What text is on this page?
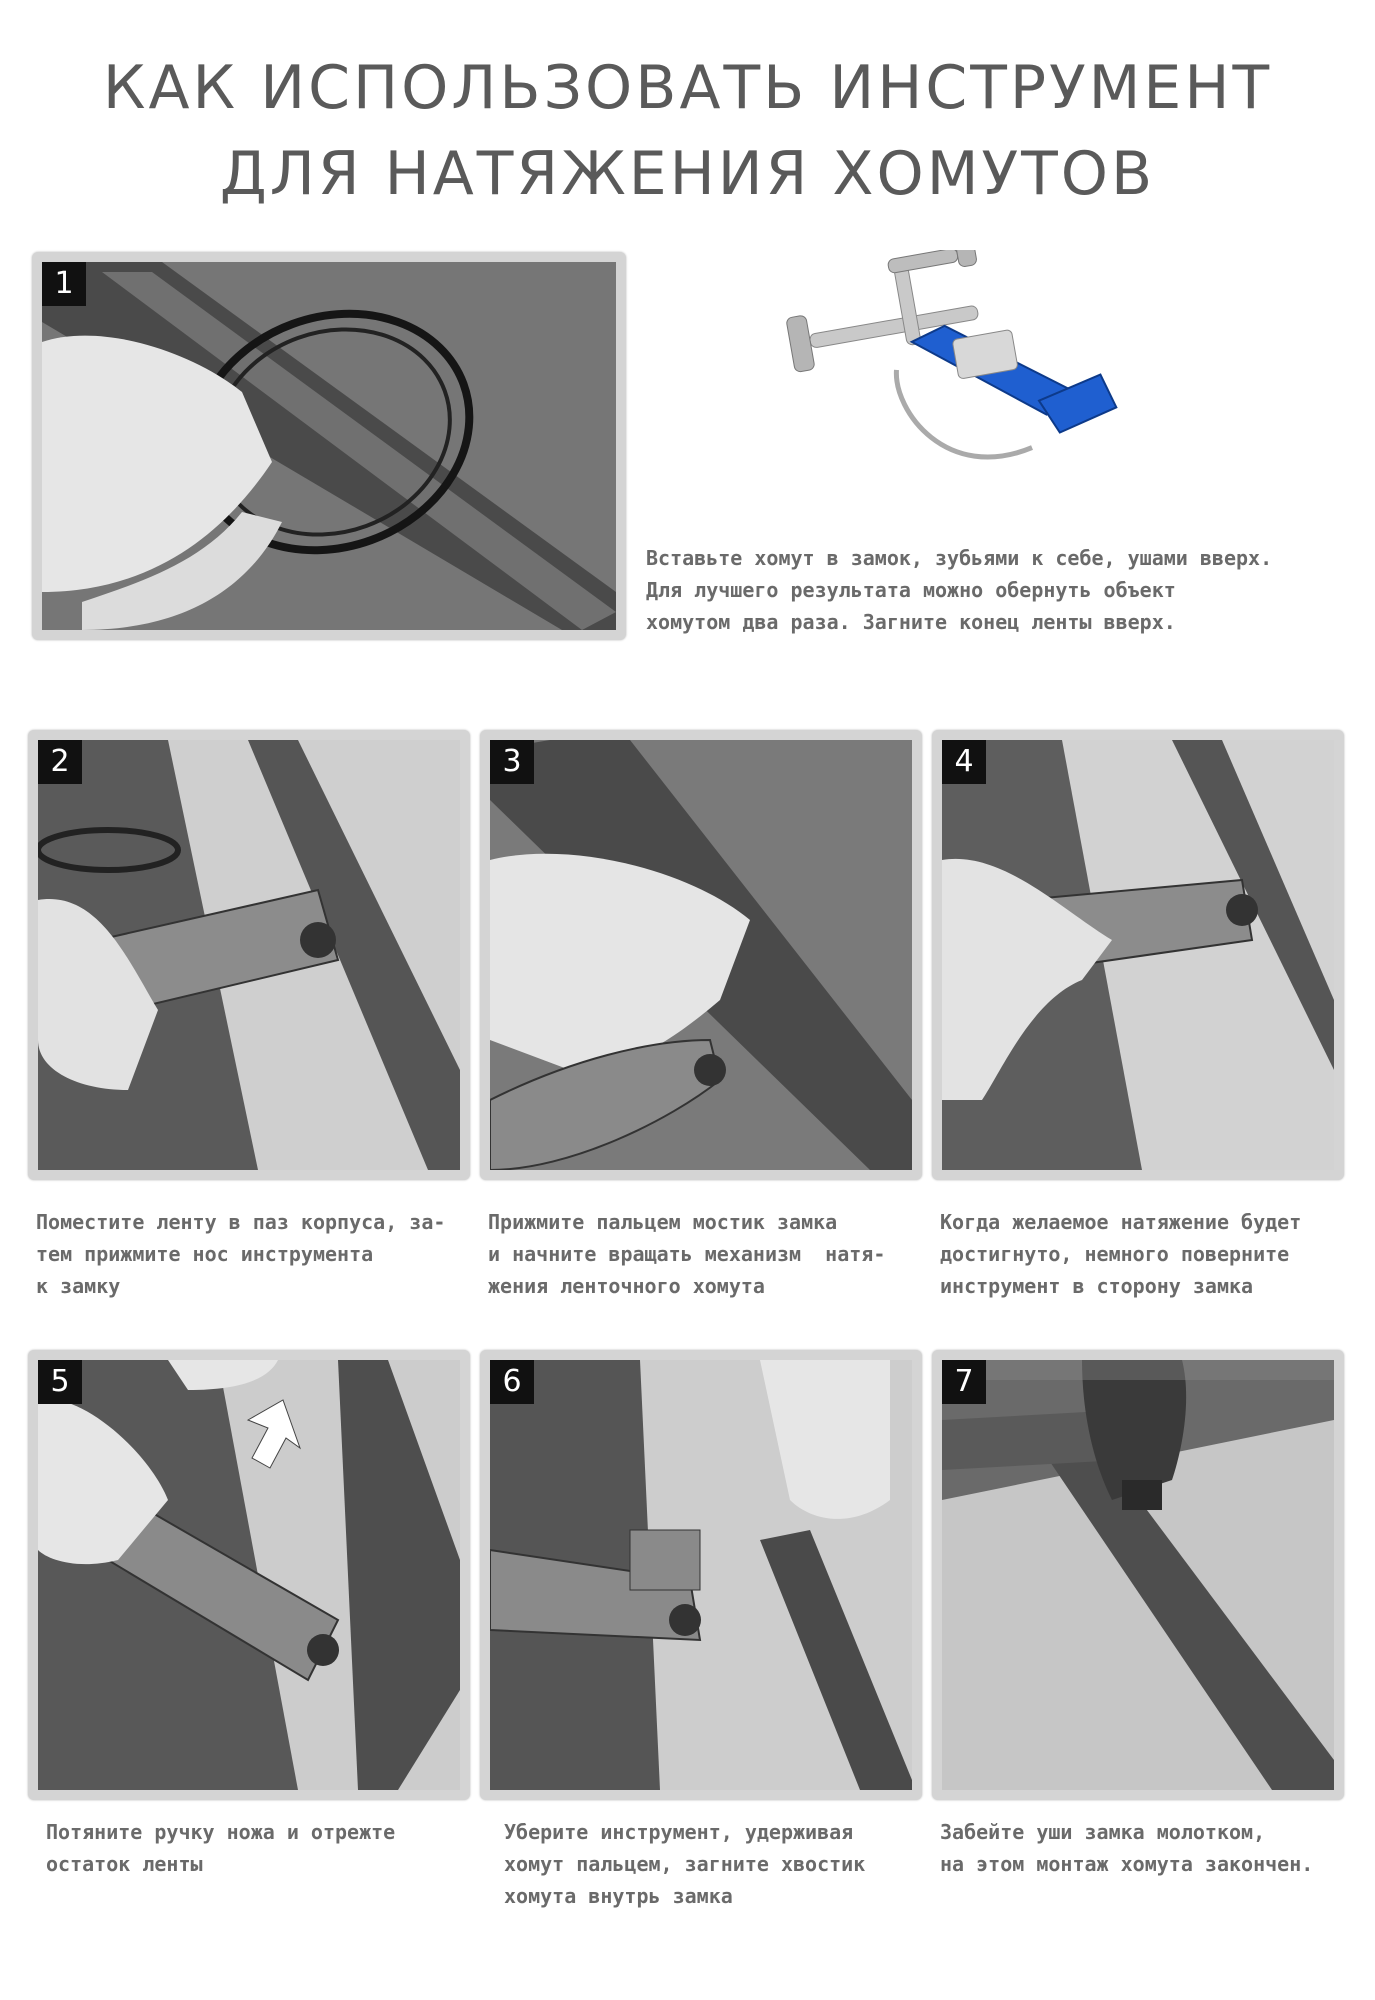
КАК ИСПОЛЬЗОВАТЬ ИНСТРУМЕНТ
ДЛЯ НАТЯЖЕНИЯ ХОМУТОВ
1
Вставьте хомут в замок, зубьями к себе, ушами вверх.
Для лучшего результата можно обернуть объект
хомутом два раза. Загните конец ленты вверх.
2
Поместите ленту в паз корпуса, за-
тем прижмите нос инструмента
к замку
3
Прижмите пальцем мостик замка
и начните вращать механизм  натя-
жения ленточного хомута
4
Когда желаемое натяжение будет
достигнуто, немного поверните
инструмент в сторону замка
5
Потяните ручку ножа и отрежте
остаток ленты
6
Уберите инструмент, удерживая
хомут пальцем, загните хвостик
хомута внутрь замка
7
Забейте уши замка молотком,
на этом монтаж хомута закончен.
